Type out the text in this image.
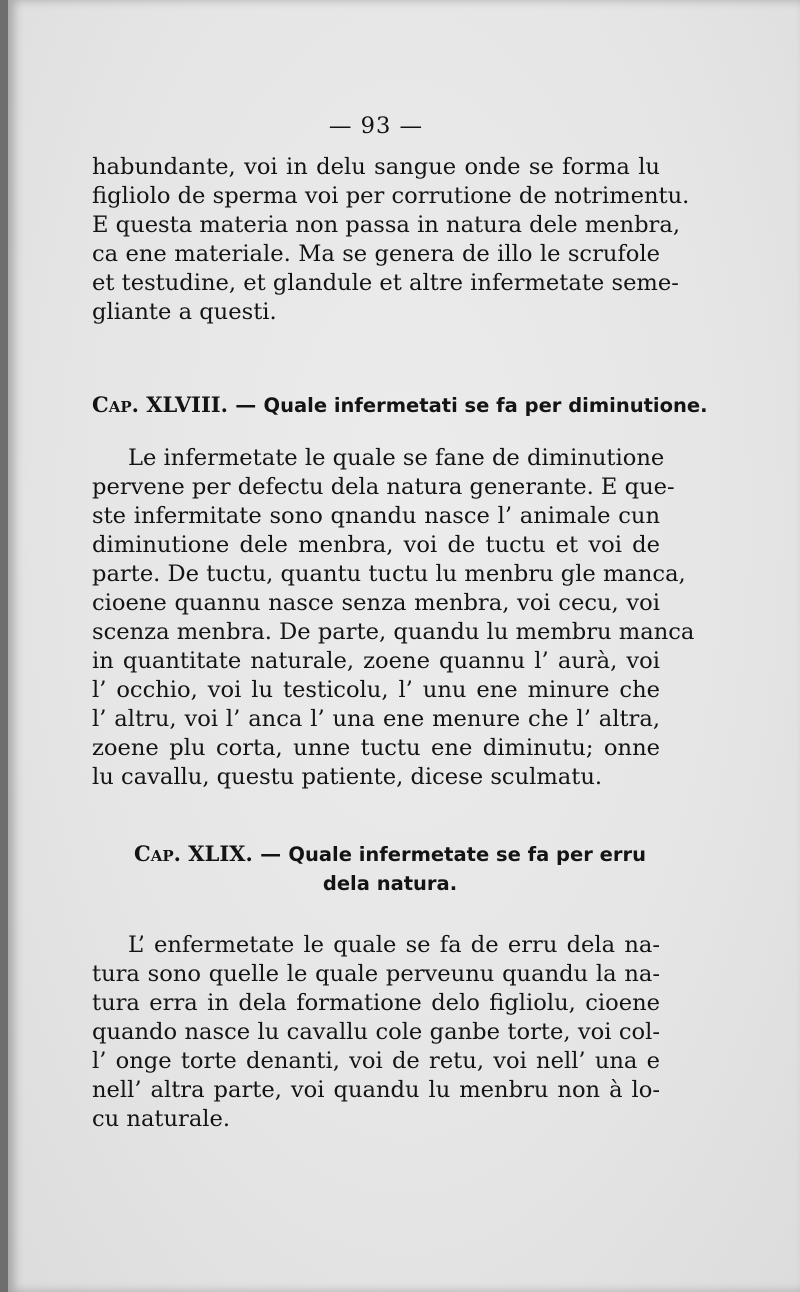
— 93 —

habundante, voi in delu sangue onde se forma lu
figliolo de sperma voi per corrutione de notrimentu.
E questa materia non passa in natura dele menbra,
ca ene materiale. Ma se genera de illo le scrufole
et testudine, et glandule et altre infermetate seme-
gliante a questi.

Cap. XLVIII. — Quale infermetati se fa per diminutione.

Le infermetate le quale se fane de diminutione
pervene per defectu dela natura generante. E que-
ste infermitate sono qnandu nasce l’ animale cun
diminutione dele menbra, voi de tuctu et voi de
parte. De tuctu, quantu tuctu lu menbru gle manca,
cioene quannu nasce senza menbra, voi cecu, voi
scenza menbra. De parte, quandu lu membru manca
in quantitate naturale, zoene quannu l’ aurà, voi
l’ occhio, voi lu testicolu, l’ unu ene minure che
l’ altru, voi l’ anca l’ una ene menure che l’ altra,
zoene plu corta, unne tuctu ene diminutu; onne
lu cavallu, questu patiente, dicese sculmatu.

Cap. XLIX. — Quale infermetate se fa per erru
dela natura.

L’ enfermetate le quale se fa de erru dela na-
tura sono quelle le quale perveunu quandu la na-
tura erra in dela formatione delo figliolu, cioene
quando nasce lu cavallu cole ganbe torte, voi col-
l’ onge torte denanti, voi de retu, voi nell’ una e
nell’ altra parte, voi quandu lu menbru non à lo-
cu naturale.
